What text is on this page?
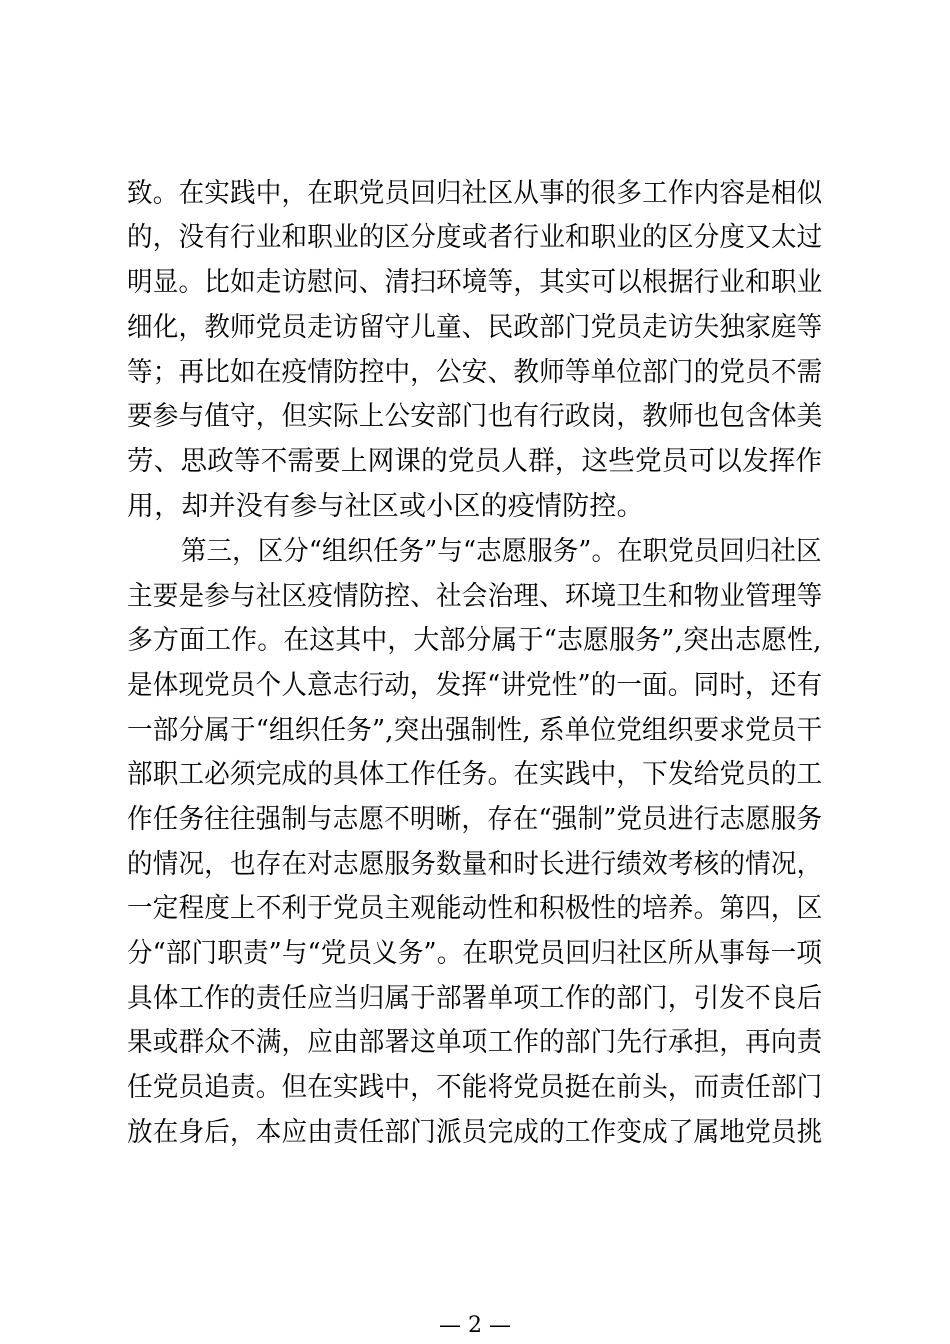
致。在实践中，在职党员回归社区从事的很多工作内容是相似
的，没有行业和职业的区分度或者行业和职业的区分度又太过
明显。比如走访慰问、清扫环境等，其实可以根据行业和职业
细化，教师党员走访留守儿童、民政部门党员走访失独家庭等
等；再比如在疫情防控中，公安、教师等单位部门的党员不需
要参与值守，但实际上公安部门也有行政岗，教师也包含体美
劳、思政等不需要上网课的党员人群，这些党员可以发挥作
用，却并没有参与社区或小区的疫情防控。
第三，区分“组织任务”与“志愿服务”。在职党员回归社区
主要是参与社区疫情防控、社会治理、环境卫生和物业管理等
多方面工作。在这其中，大部分属于“志愿服务”,突出志愿性,
是体现党员个人意志行动，发挥“讲党性”的一面。同时，还有
一部分属于“组织任务”,突出强制性, 系单位党组织要求党员干
部职工必须完成的具体工作任务。在实践中，下发给党员的工
作任务往往强制与志愿不明晰，存在“强制”党员进行志愿服务
的情况，也存在对志愿服务数量和时长进行绩效考核的情况，
一定程度上不利于党员主观能动性和积极性的培养。第四，区
分“部门职责”与“党员义务”。在职党员回归社区所从事每一项
具体工作的责任应当归属于部署单项工作的部门，引发不良后
果或群众不满，应由部署这单项工作的部门先行承担，再向责
任党员追责。但在实践中，不能将党员挺在前头，而责任部门
放在身后，本应由责任部门派员完成的工作变成了属地党员挑
— 2 —
